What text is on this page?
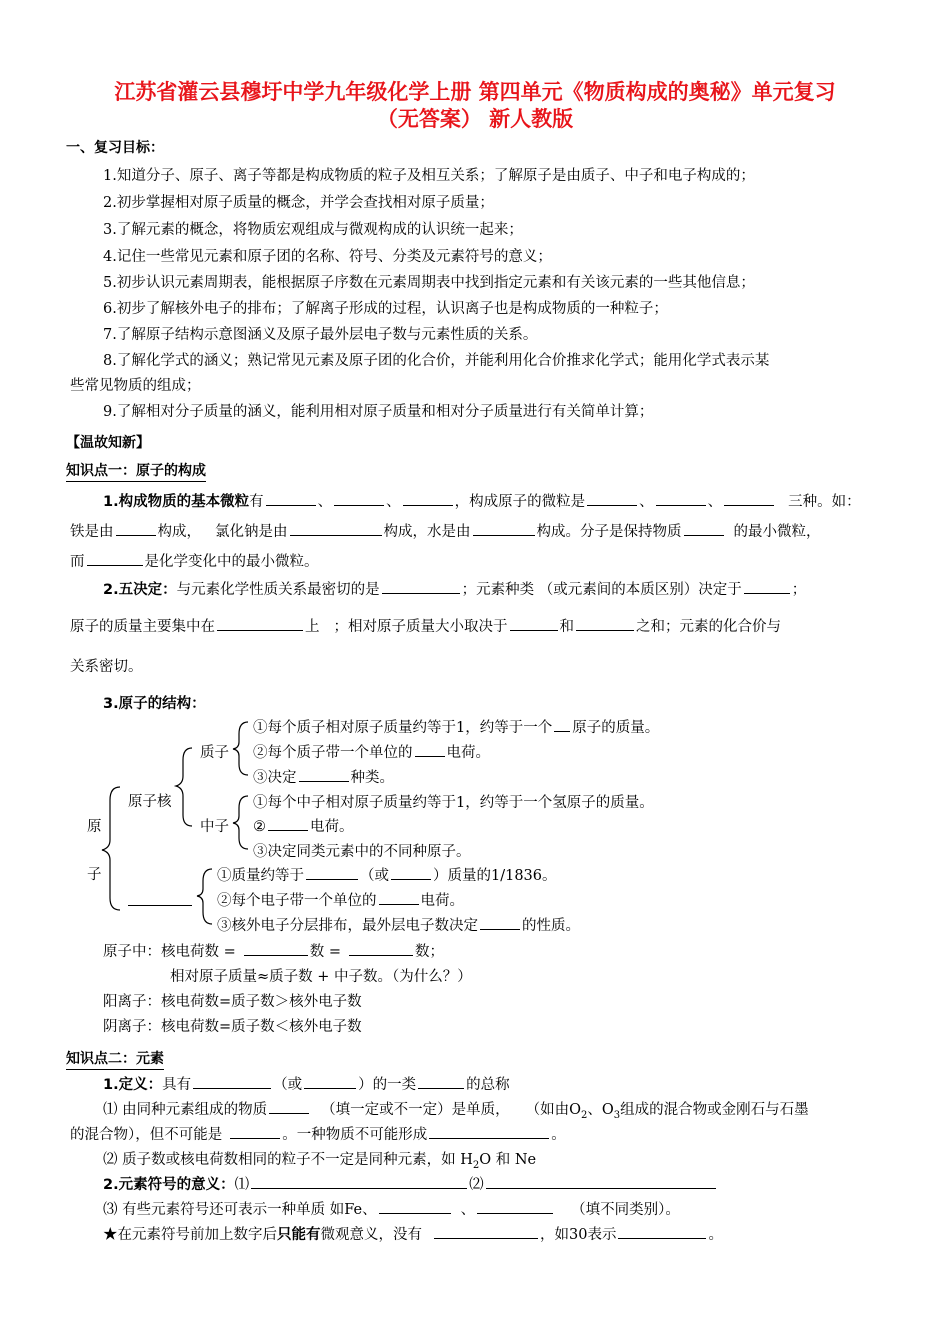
江苏省灌云县穆圩中学九年级化学上册 第四单元《物质构成的奥秘》单元复习
（无答案） 新人教版
一、复习目标：
1.知道分子、原子、离子等都是构成物质的粒子及相互关系；了解原子是由质子、中子和电子构成的；
2.初步掌握相对原子质量的概念，并学会查找相对原子质量；
3.了解元素的概念，将物质宏观组成与微观构成的认识统一起来；
4.记住一些常见元素和原子团的名称、符号、分类及元素符号的意义；
5.初步认识元素周期表，能根据原子序数在元素周期表中找到指定元素和有关该元素的一些其他信息；
6.初步了解核外电子的排布；了解离子形成的过程，认识离子也是构成物质的一种粒子；
7.了解原子结构示意图涵义及原子最外层电子数与元素性质的关系。
8.了解化学式的涵义；熟记常见元素及原子团的化合价，并能利用化合价推求化学式；能用化学式表示某
些常见物质的组成；
9.了解相对分子质量的涵义，能利用相对原子质量和相对分子质量进行有关简单计算；
【温故知新】
知识点一：原子的构成
1.构成物质的基本微粒有	、	、	，构成原子的微粒是	、	、	三种。如：
铁是由	构成， 氯化钠是由	构成，水是由	构成。分子是保持物质	的最小微粒，
而	是化学变化中的最小微粒。
2.五决定：与元素化学性质关系最密切的是	；元素种类 （或元素间的本质区别）决定于	；
原子的质量主要集中在	上 ；相对原子质量大小取决于	和	之和；元素的化合价与
关系密切。
3.原子的结构：
原
子
原子核
质子
中子
①每个质子相对原子质量约等于1，约等于一个 原子的质量。
②每个质子带一个单位的 电荷。
③决定	种类。
①每个中子相对原子质量约等于1，约等于一个氢原子的质量。
②	电荷。
③决定同类元素中的不同种原子。
①质量约等于	（或	）质量的1/1836。
②每个电子带一个单位的	电荷。
③核外电子分层排布，最外层电子数决定	的性质。
原子中：核电荷数 =	数 =	数；
相对原子质量≈质子数 + 中子数。（为什么？）
阳离子：核电荷数=质子数＞核外电子数
阴离子：核电荷数=质子数＜核外电子数
知识点二：元素
1.定义：具有	（或	）的一类	的总称
⑴ 由同种元素组成的物质	（填一定或不一定）是单质， （如由$O_2$、$O_3$组成的混合物或金刚石与石墨
的混合物），但不可能是	。一种物质不可能形成	。
⑵ 质子数或核电荷数相同的粒子不一定是同种元素，如 $H_2O$ 和 Ne
2.元素符号的意义：⑴	⑵
⑶ 有些元素符号还可表示一种单质 如Fe、	、	（填不同类别）。
★在元素符号前加上数字后只能有微观意义，没有	，如30表示	。
